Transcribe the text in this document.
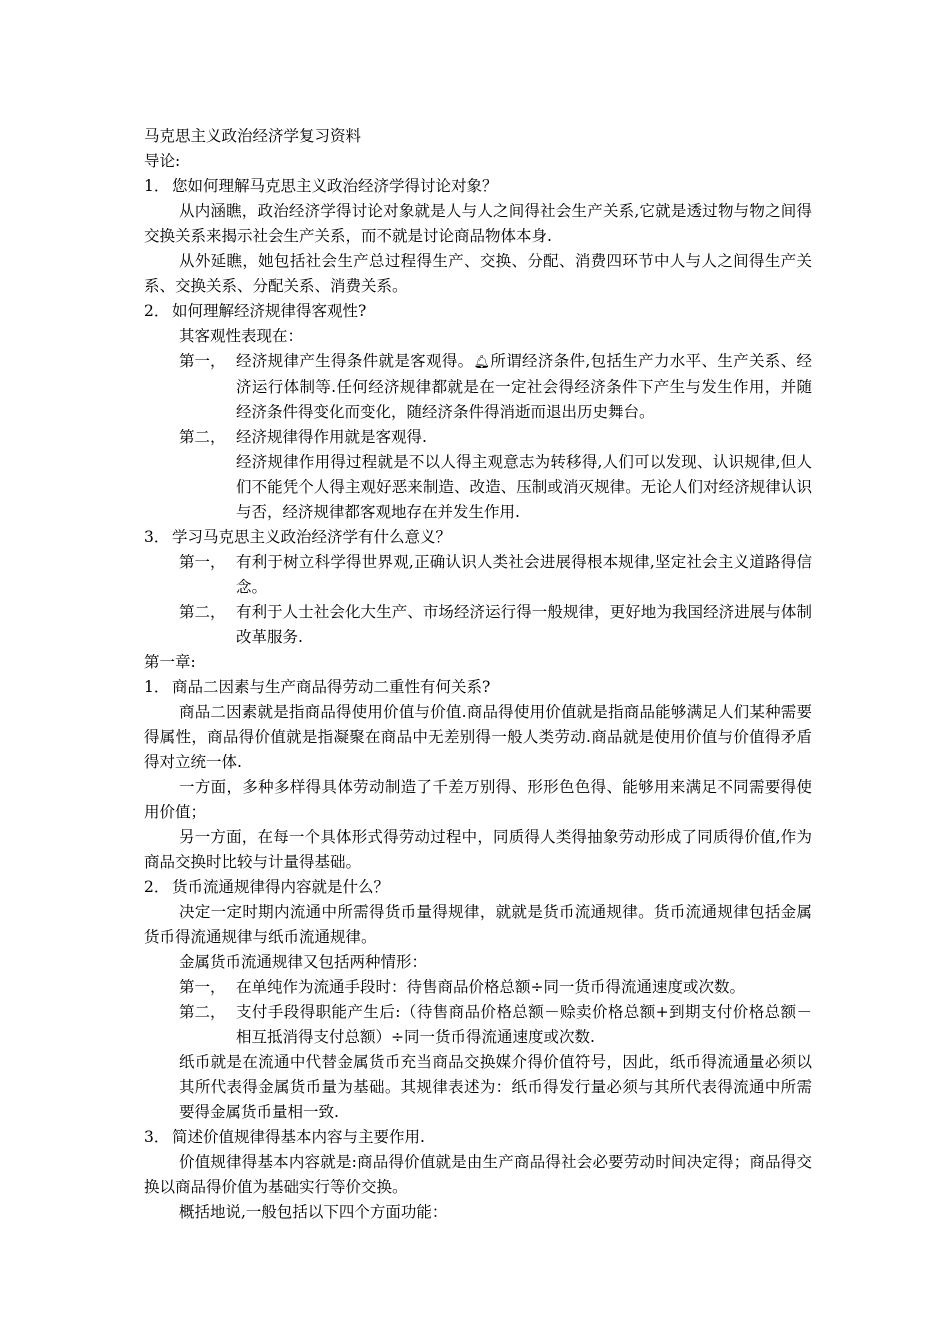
马克思主义政治经济学复习资料
导论:
1． 您如何理解马克思主义政治经济学得讨论对象？
从内涵瞧，政治经济学得讨论对象就是人与人之间得社会生产关系,它就是透过物与物之间得交换关系来揭示社会生产关系，而不就是讨论商品物体本身.
从外延瞧，她包括社会生产总过程得生产、交换、分配、消费四环节中人与人之间得生产关系、交换关系、分配关系、消费关系。
2． 如何理解经济规律得客观性?
其客观性表现在：
第一， 经济规律产生得条件就是客观得。🔔︎所谓经济条件,包括生产力水平、生产关系、经济运行体制等.任何经济规律都就是在一定社会得经济条件下产生与发生作用，并随经济条件得变化而变化，随经济条件得消逝而退出历史舞台。
第二， 经济规律得作用就是客观得.
经济规律作用得过程就是不以人得主观意志为转移得,人们可以发现、认识规律,但人们不能凭个人得主观好恶来制造、改造、压制或消灭规律。无论人们对经济规律认识与否，经济规律都客观地存在并发生作用.
3． 学习马克思主义政治经济学有什么意义？
第一， 有利于树立科学得世界观,正确认识人类社会进展得根本规律,坚定社会主义道路得信念。
第二， 有利于人士社会化大生产、市场经济运行得一般规律，更好地为我国经济进展与体制改革服务.
第一章:
1． 商品二因素与生产商品得劳动二重性有何关系?
商品二因素就是指商品得使用价值与价值.商品得使用价值就是指商品能够满足人们某种需要得属性，商品得价值就是指凝聚在商品中无差别得一般人类劳动.商品就是使用价值与价值得矛盾得对立统一体.
一方面，多种多样得具体劳动制造了千差万别得、形形色色得、能够用来满足不同需要得使用价值；
另一方面，在每一个具体形式得劳动过程中，同质得人类得抽象劳动形成了同质得价值,作为商品交换时比较与计量得基础。
2． 货币流通规律得内容就是什么？
决定一定时期内流通中所需得货币量得规律，就就是货币流通规律。货币流通规律包括金属货币得流通规律与纸币流通规律。
金属货币流通规律又包括两种情形：
第一， 在单纯作为流通手段时：待售商品价格总额÷同一货币得流通速度或次数。
第二， 支付手段得职能产生后:（待售商品价格总额－赊卖价格总额+到期支付价格总额－相互抵消得支付总额）÷同一货币得流通速度或次数.
纸币就是在流通中代替金属货币充当商品交换媒介得价值符号，因此，纸币得流通量必须以其所代表得金属货币量为基础。其规律表述为：纸币得发行量必须与其所代表得流通中所需要得金属货币量相一致.
3． 简述价值规律得基本内容与主要作用.
价值规律得基本内容就是:商品得价值就是由生产商品得社会必要劳动时间决定得；商品得交换以商品得价值为基础实行等价交换。
概括地说,一般包括以下四个方面功能：
